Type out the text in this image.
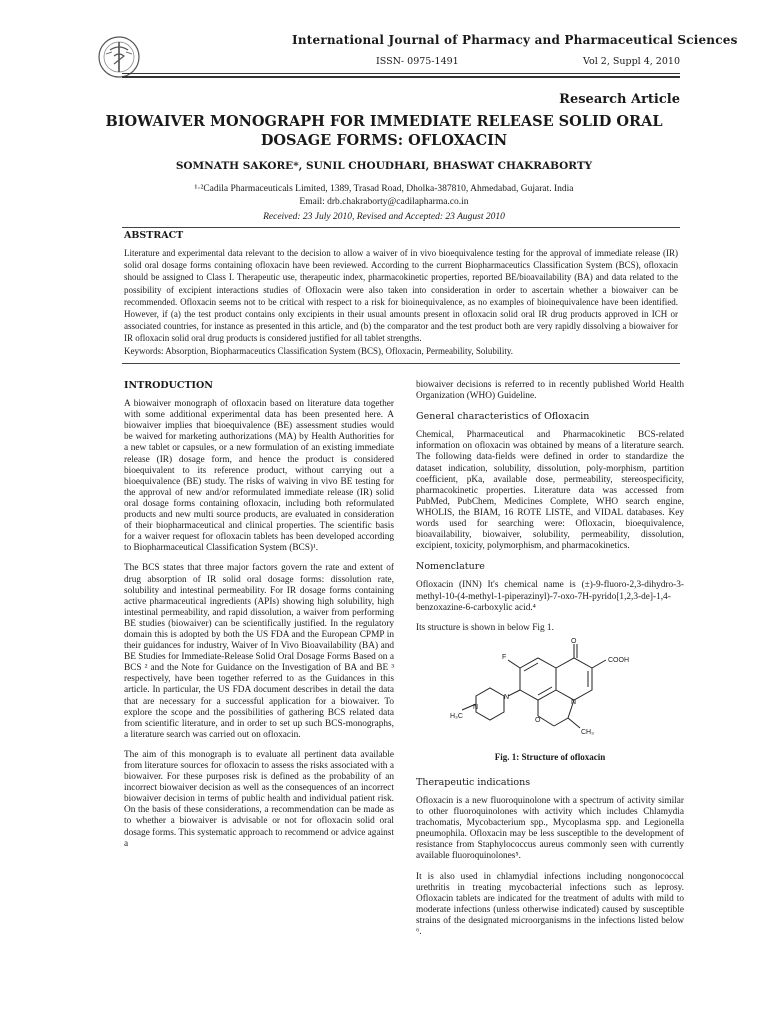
International Journal of Pharmacy and Pharmaceutical Sciences
ISSN- 0975-1491	Vol 2, Suppl 4, 2010
Research Article
BIOWAIVER MONOGRAPH FOR IMMEDIATE RELEASE SOLID ORAL DOSAGE FORMS: OFLOXACIN
SOMNATH SAKORE*, SUNIL CHOUDHARI, BHASWAT CHAKRABORTY
¹·²Cadila Pharmaceuticals Limited, 1389, Trasad Road, Dholka-387810, Ahmedabad, Gujarat. India
Email: drb.chakraborty@cadilapharma.co.in
Received: 23 July 2010, Revised and Accepted: 23 August 2010
ABSTRACT
Literature and experimental data relevant to the decision to allow a waiver of in vivo bioequivalence testing for the approval of immediate release (IR) solid oral dosage forms containing ofloxacin have been reviewed. According to the current Biopharmaceutics Classification System (BCS), ofloxacin should be assigned to Class I. Therapeutic use, therapeutic index, pharmacokinetic properties, reported BE/bioavailability (BA) and data related to the possibility of excipient interactions studies of Ofloxacin were also taken into consideration in order to ascertain whether a biowaiver can be recommended. Ofloxacin seems not to be critical with respect to a risk for bioinequivalence, as no examples of bioinequivalence have been identified. However, if (a) the test product contains only excipients in their usual amounts present in ofloxacin solid oral IR drug products approved in ICH or associated countries, for instance as presented in this article, and (b) the comparator and the test product both are very rapidly dissolving a biowaiver for IR ofloxacin solid oral drug products is considered justified for all tablet strengths.
Keywords: Absorption, Biopharmaceutics Classification System (BCS), Ofloxacin, Permeability, Solubility.
INTRODUCTION

A biowaiver monograph of ofloxacin based on literature data together with some additional experimental data has been presented here. A biowaiver implies that bioequivalence (BE) assessment studies would be waived for marketing authorizations (MA) by Health Authorities for a new tablet or capsules, or a new formulation of an existing immediate release (IR) dosage form, and hence the product is considered bioequivalent to its reference product, without carrying out a bioequivalence (BE) study. The risks of waiving in vivo BE testing for the approval of new and/or reformulated immediate release (IR) solid oral dosage forms containing ofloxacin, including both reformulated products and new multi source products, are evaluated in consideration of their biopharmaceutical and clinical properties. The scientific basis for a waiver request for ofloxacin tablets has been developed according to Biopharmaceutical Classification System (BCS)¹.

The BCS states that three major factors govern the rate and extent of drug absorption of IR solid oral dosage forms: dissolution rate, solubility and intestinal permeability. For IR dosage forms containing active pharmaceutical ingredients (APIs) showing high solubility, high intestinal permeability, and rapid dissolution, a waiver from performing BE studies (biowaiver) can be scientifically justified. In the regulatory domain this is adopted by both the US FDA and the European CPMP in their guidances for industry, Waiver of In Vivo Bioavailability (BA) and BE Studies for Immediate-Release Solid Oral Dosage Forms Based on a BCS ² and the Note for Guidance on the Investigation of BA and BE ³ respectively, have been together referred to as the Guidances in this article. In particular, the US FDA document describes in detail the data that are necessary for a successful application for a biowaiver. To explore the scope and the possibilities of gathering BCS related data from scientific literature, and in order to set up such BCS-monographs, a literature search was carried out on ofloxacin.

The aim of this monograph is to evaluate all pertinent data available from literature sources for ofloxacin to assess the risks associated with a biowaiver. For these purposes risk is defined as the probability of an incorrect biowaiver decision as well as the consequences of an incorrect biowaiver decision in terms of public health and individual patient risk. On the basis of these considerations, a recommendation can be made as to whether a biowaiver is advisable or not for ofloxacin solid oral dosage forms. This systematic approach to recommend or advice against a

biowaiver decisions is referred to in recently published World Health Organization (WHO) Guideline.

General characteristics of Ofloxacin

Chemical, Pharmaceutical and Pharmacokinetic BCS-related information on ofloxacin was obtained by means of a literature search. The following data-fields were defined in order to standardize the dataset indication, solubility, dissolution, poly-morphism, partition coefficient, pKa, available dose, permeability, stereospecificity, pharmacokinetic properties. Literature data was accessed from PubMed, PubChem, Medicines Complete, WHO search engine, WHOLIS, the BIAM, 16 ROTE LISTE, and VIDAL databases. Key words used for searching were: Ofloxacin, bioequivalence, bioavailability, biowaiver, solubility, permeability, dissolution, excipient, toxicity, polymorphism, and pharmacokinetics.

Nomenclature

Ofloxacin (INN) It's chemical name is (±)-9-fluoro-2,3-dihydro-3-methyl-10-(4-methyl-1-piperazinyl)-7-oxo-7H-pyrido[1,2,3-de]-1,4-benzoxazine-6-carboxylic acid.⁴

Its structure is shown in below Fig 1.

COOH
F
O
N
N
N
O
CH₃
H₃C
Fig. 1: Structure of ofloxacin
Therapeutic indications

Ofloxacin is a new fluoroquinolone with a spectrum of activity similar to other fluoroquinolones with activity which includes Chlamydia trachomatis, Mycobacterium spp., Mycoplasma spp. and Legionella pneumophila. Ofloxacin may be less susceptible to the development of resistance from Staphylococcus aureus commonly seen with currently available fluoroquinolones⁵.

It is also used in chlamydial infections including nongonococcal urethritis in treating mycobacterial infections such as leprosy. Ofloxacin tablets are indicated for the treatment of adults with mild to moderate infections (unless otherwise indicated) caused by susceptible strains of the designated microorganisms in the infections listed below ⁶.
